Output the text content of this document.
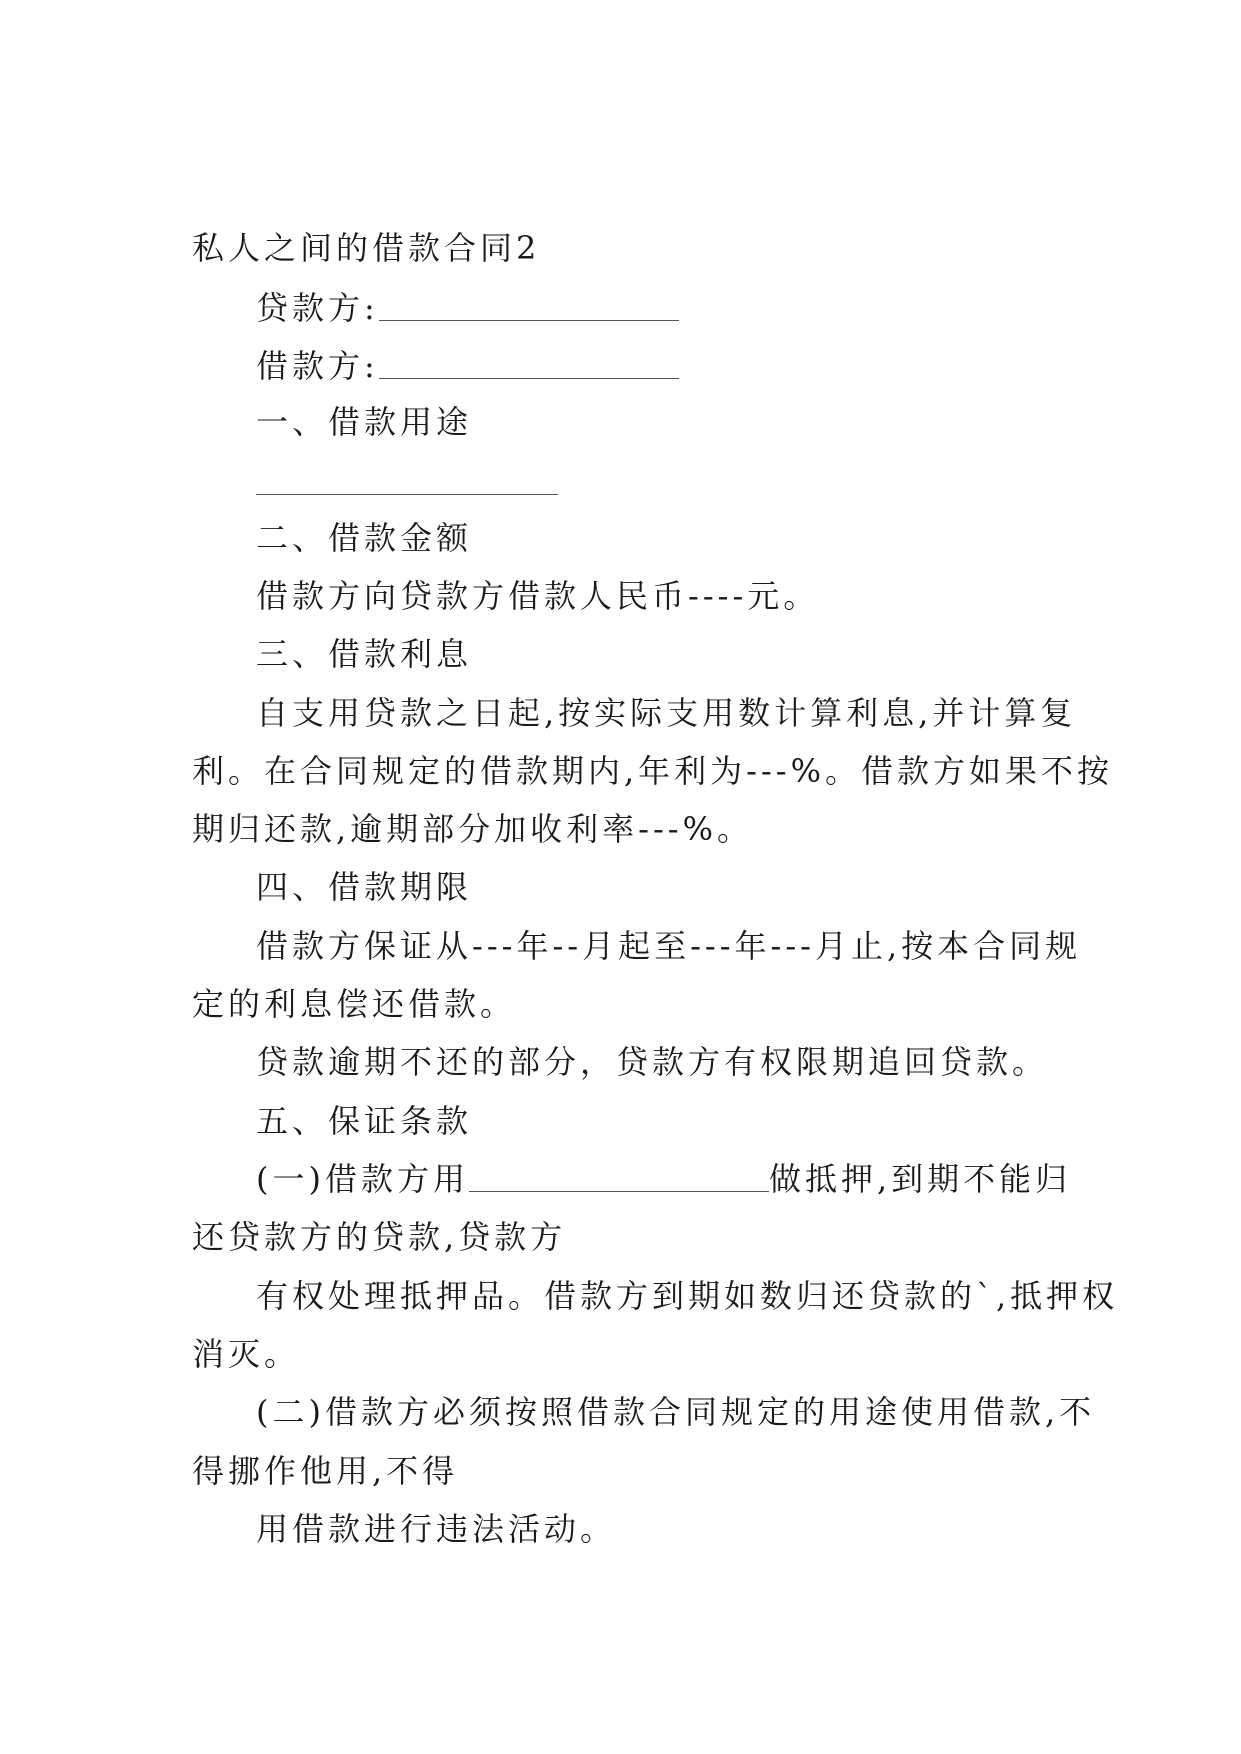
私人之间的借款合同2
贷款方:
借款方:
一、借款用途
二、借款金额
借款方向贷款方借款人民币----元。
三、借款利息
自支用贷款之日起,按实际支用数计算利息,并计算复
利。在合同规定的借款期内,年利为---%。借款方如果不按
期归还款,逾期部分加收利率---%。
四、借款期限
借款方保证从---年--月起至---年---月止,按本合同规
定的利息偿还借款。
贷款逾期不还的部分，贷款方有权限期追回贷款。
五、保证条款
(一)借款方用	做抵押,到期不能归
还贷款方的贷款,贷款方
有权处理抵押品。借款方到期如数归还贷款的`,抵押权
消灭。
(二)借款方必须按照借款合同规定的用途使用借款,不
得挪作他用,不得
用借款进行违法活动。
